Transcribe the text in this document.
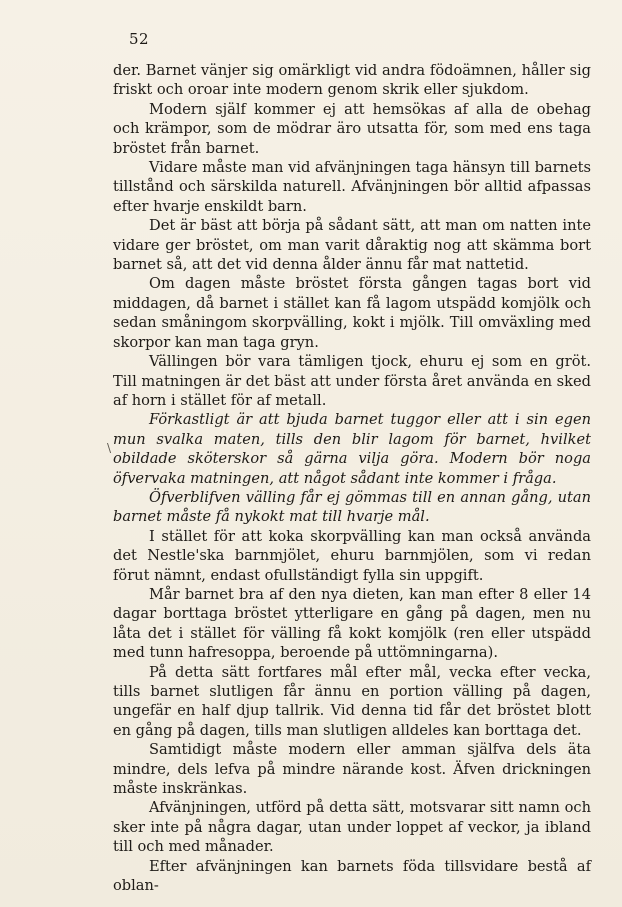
52
\

der. Barnet vänjer sig omärkligt vid andra födoämnen, håller sig friskt och oroar inte modern genom skrik eller sjukdom.

Modern själf kommer ej att hemsökas af alla de obehag och krämpor, som de mödrar äro utsatta för, som med ens taga bröstet från barnet.

Vidare måste man vid afvänjningen taga hänsyn till barnets tillstånd och särskilda naturell. Afvänjningen bör alltid afpassas efter hvarje enskildt barn.

Det är bäst att börja på sådant sätt, att man om natten inte vidare ger bröstet, om man varit dåraktig nog att skämma bort barnet så, att det vid denna ålder ännu får mat nattetid.

Om dagen måste bröstet första gången tagas bort vid middagen, då barnet i stället kan få lagom utspädd komjölk och sedan småningom skorpvälling, kokt i mjölk. Till omväxling med skorpor kan man taga gryn.

Vällingen bör vara tämligen tjock, ehuru ej som en gröt. Till matningen är det bäst att under första året använda en sked af horn i stället för af metall.

Förkastligt är att bjuda barnet tuggor eller att i sin egen mun svalka maten, tills den blir lagom för barnet, hvilket obildade sköterskor så gärna vilja göra. Modern bör noga öfvervaka matningen, att något sådant inte kommer i fråga.

Öfverblifven välling får ej gömmas till en annan gång, utan barnet måste få nykokt mat till hvarje mål.

I stället för att koka skorpvälling kan man också använda det Nestle'ska barnmjölet, ehuru barnmjölen, som vi redan förut nämnt, endast ofullständigt fylla sin uppgift.

Mår barnet bra af den nya dieten, kan man efter 8 eller 14 dagar borttaga bröstet ytterligare en gång på dagen, men nu låta det i stället för välling få kokt komjölk (ren eller utspädd med tunn hafresoppa, beroende på uttömningarna).

På detta sätt fortfares mål efter mål, vecka efter vecka, tills barnet slutligen får ännu en portion välling på dagen, ungefär en half djup tallrik. Vid denna tid får det bröstet blott en gång på dagen, tills man slutligen alldeles kan borttaga det.

Samtidigt måste modern eller amman själfva dels äta mindre, dels lefva på mindre närande kost. Äfven drickningen måste inskränkas.

Afvänjningen, utförd på detta sätt, motsvarar sitt namn och sker inte på några dagar, utan under loppet af veckor, ja ibland till och med månader.

Efter afvänjningen kan barnets föda tillsvidare bestå af oblan-
